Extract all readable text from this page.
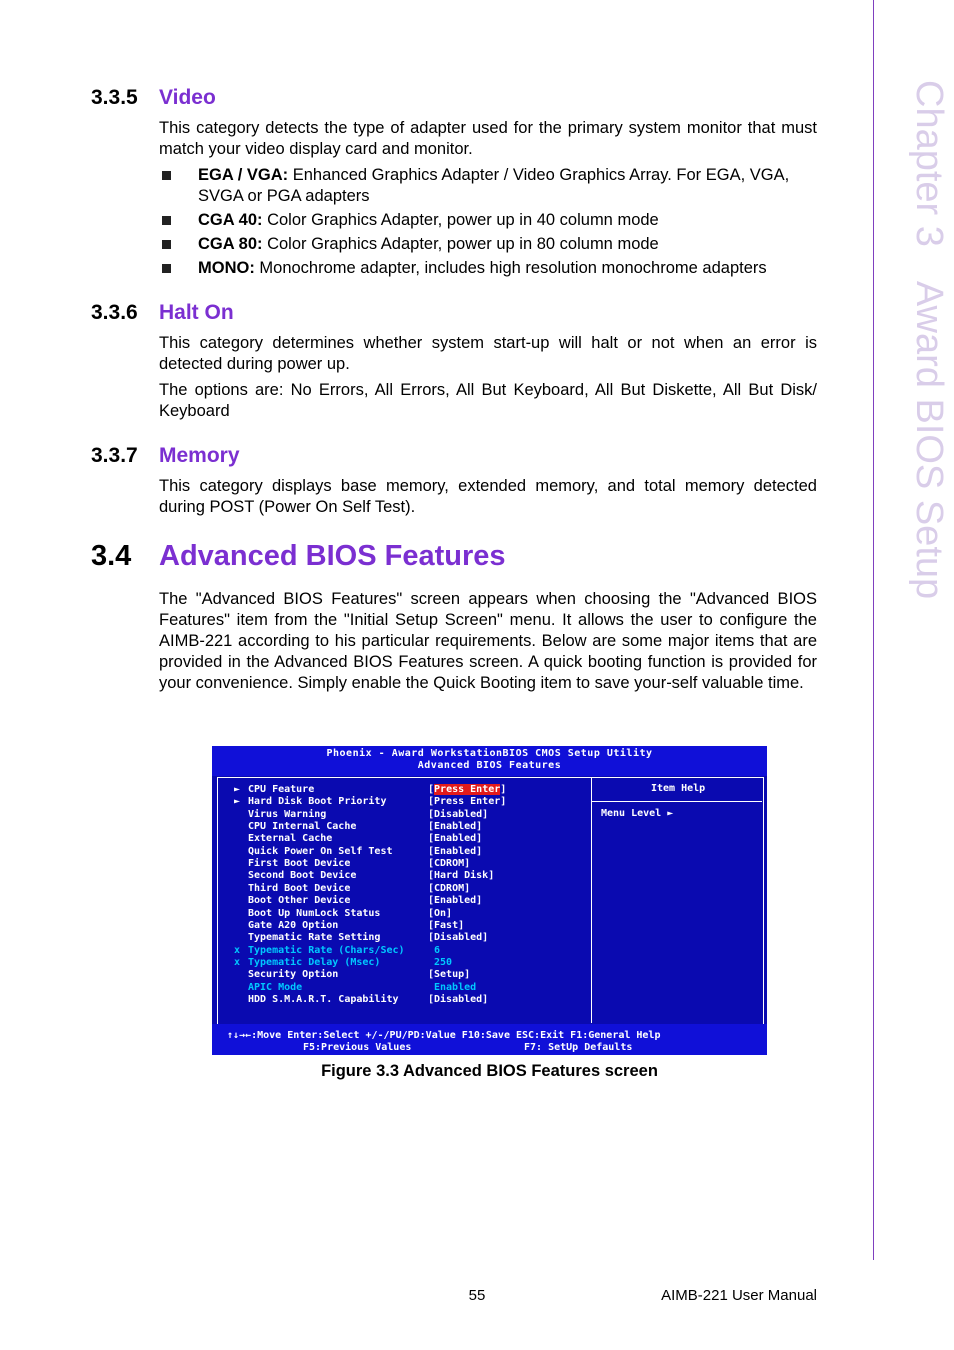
Chapter 3Award BIOS Setup
3.3.5 Video

This category detects the type of adapter used for the primary system monitor that must match your video display card and monitor.

EGA / VGA: Enhanced Graphics Adapter / Video Graphics Array. For EGA, VGA, SVGA or PGA adapters
CGA 40: Color Graphics Adapter, power up in 40 column mode
CGA 80: Color Graphics Adapter, power up in 80 column mode
MONO: Monochrome adapter, includes high resolution monochrome adapters
3.3.6 Halt On

This category determines whether system start-up will halt or not when an error is detected during power up.

The options are: No Errors, All Errors, All But Keyboard, All But Diskette, All But Disk/ Keyboard

3.3.7 Memory

This category displays base memory, extended memory, and total memory detected during POST (Power On Self Test).

3.4 Advanced BIOS Features

The "Advanced BIOS Features" screen appears when choosing the "Advanced BIOS Features" item from the "Initial Setup Screen" menu. It allows the user to configure the AIMB-221 according to his particular requirements. Below are some major items that are provided in the Advanced BIOS Features screen. A quick booting function is provided for your convenience. Simply enable the Quick Booting item to save your-self valuable time.

Phoenix - Award WorkstationBIOS CMOS Setup Utility
Advanced BIOS Features
Item Help
Menu Level ►
► CPU Feature	[Press Enter]
► Hard Disk Boot Priority	[Press Enter]
Virus Warning	[Disabled]
CPU Internal Cache	[Enabled]
External Cache	[Enabled]
Quick Power On Self Test	[Enabled]
First Boot Device	[CDROM]
Second Boot Device	[Hard Disk]
Third Boot Device	[CDROM]
Boot Other Device	[Enabled]
Boot Up NumLock Status	[On]
Gate A20 Option	[Fast]
Typematic Rate Setting	[Disabled]
x Typematic Rate (Chars/Sec)	6
x Typematic Delay (Msec)	250
Security Option	[Setup]
APIC Mode	Enabled
HDD S.M.A.R.T. Capability	[Disabled]
↑↓→←:Move Enter:Select +/-/PU/PD:Value F10:Save ESC:Exit F1:General Help
F5:Previous Values	F7: SetUp Defaults
Figure 3.3 Advanced BIOS Features screen
55	AIMB-221 User Manual
